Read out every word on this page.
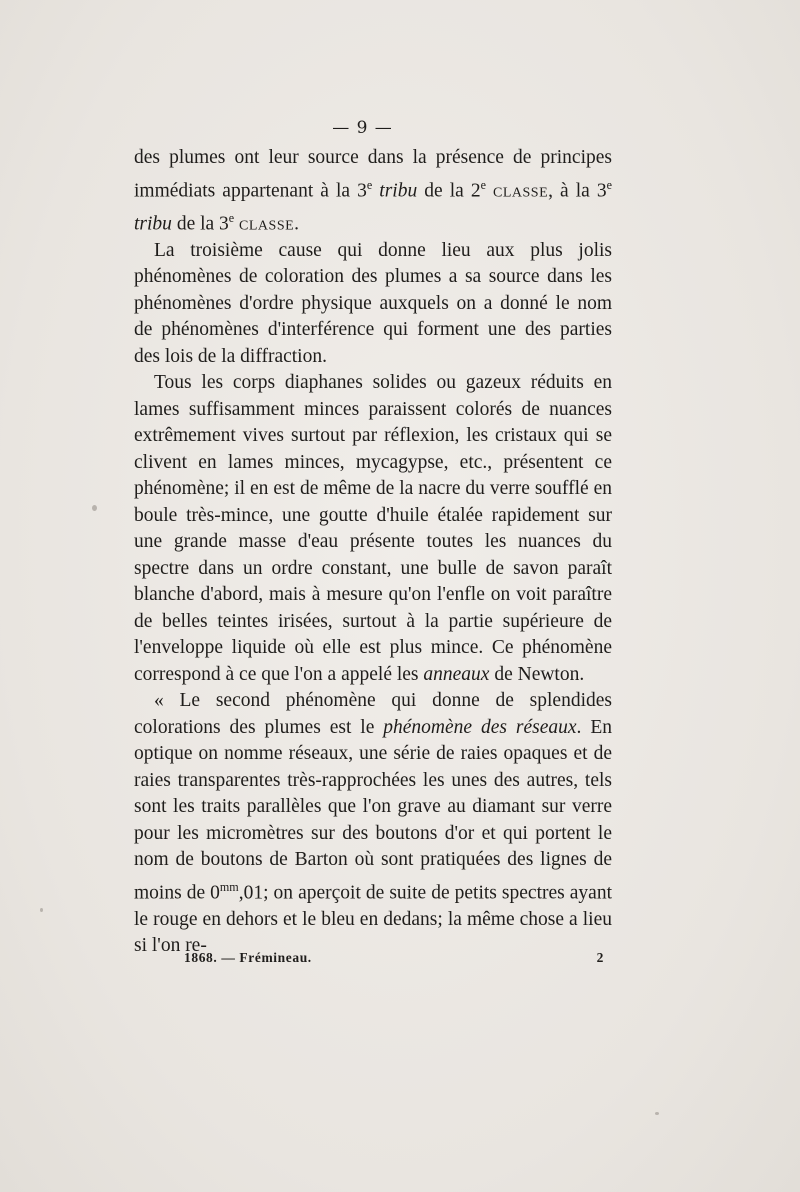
— 9 —

des plumes ont leur source dans la présence de principes immédiats appartenant à la 3e tribu de la 2e classe, à la 3e tribu de la 3e classe.

La troisième cause qui donne lieu aux plus jolis phénomènes de coloration des plumes a sa source dans les phénomènes d'ordre physique auxquels on a donné le nom de phénomènes d'interférence qui forment une des parties des lois de la diffraction.

Tous les corps diaphanes solides ou gazeux réduits en lames suffisamment minces paraissent colorés de nuances extrêmement vives surtout par réflexion, les cristaux qui se clivent en lames minces, mycagypse, etc., présentent ce phénomène; il en est de même de la nacre du verre soufflé en boule très-mince, une goutte d'huile étalée rapidement sur une grande masse d'eau présente toutes les nuances du spectre dans un ordre constant, une bulle de savon paraît blanche d'abord, mais à mesure qu'on l'enfle on voit paraître de belles teintes irisées, surtout à la partie supérieure de l'enveloppe liquide où elle est plus mince. Ce phénomène correspond à ce que l'on a appelé les anneaux de Newton.

« Le second phénomène qui donne de splendides colorations des plumes est le phénomène des réseaux. En optique on nomme réseaux, une série de raies opaques et de raies transparentes très-rapprochées les unes des autres, tels sont les traits parallèles que l'on grave au diamant sur verre pour les micromètres sur des boutons d'or et qui portent le nom de boutons de Barton où sont pratiquées des lignes de moins de $0^{mm},01$; on aperçoit de suite de petits spectres ayant le rouge en dehors et le bleu en dedans; la même chose a lieu si l'on re-

1868. — Frémineau.	2
